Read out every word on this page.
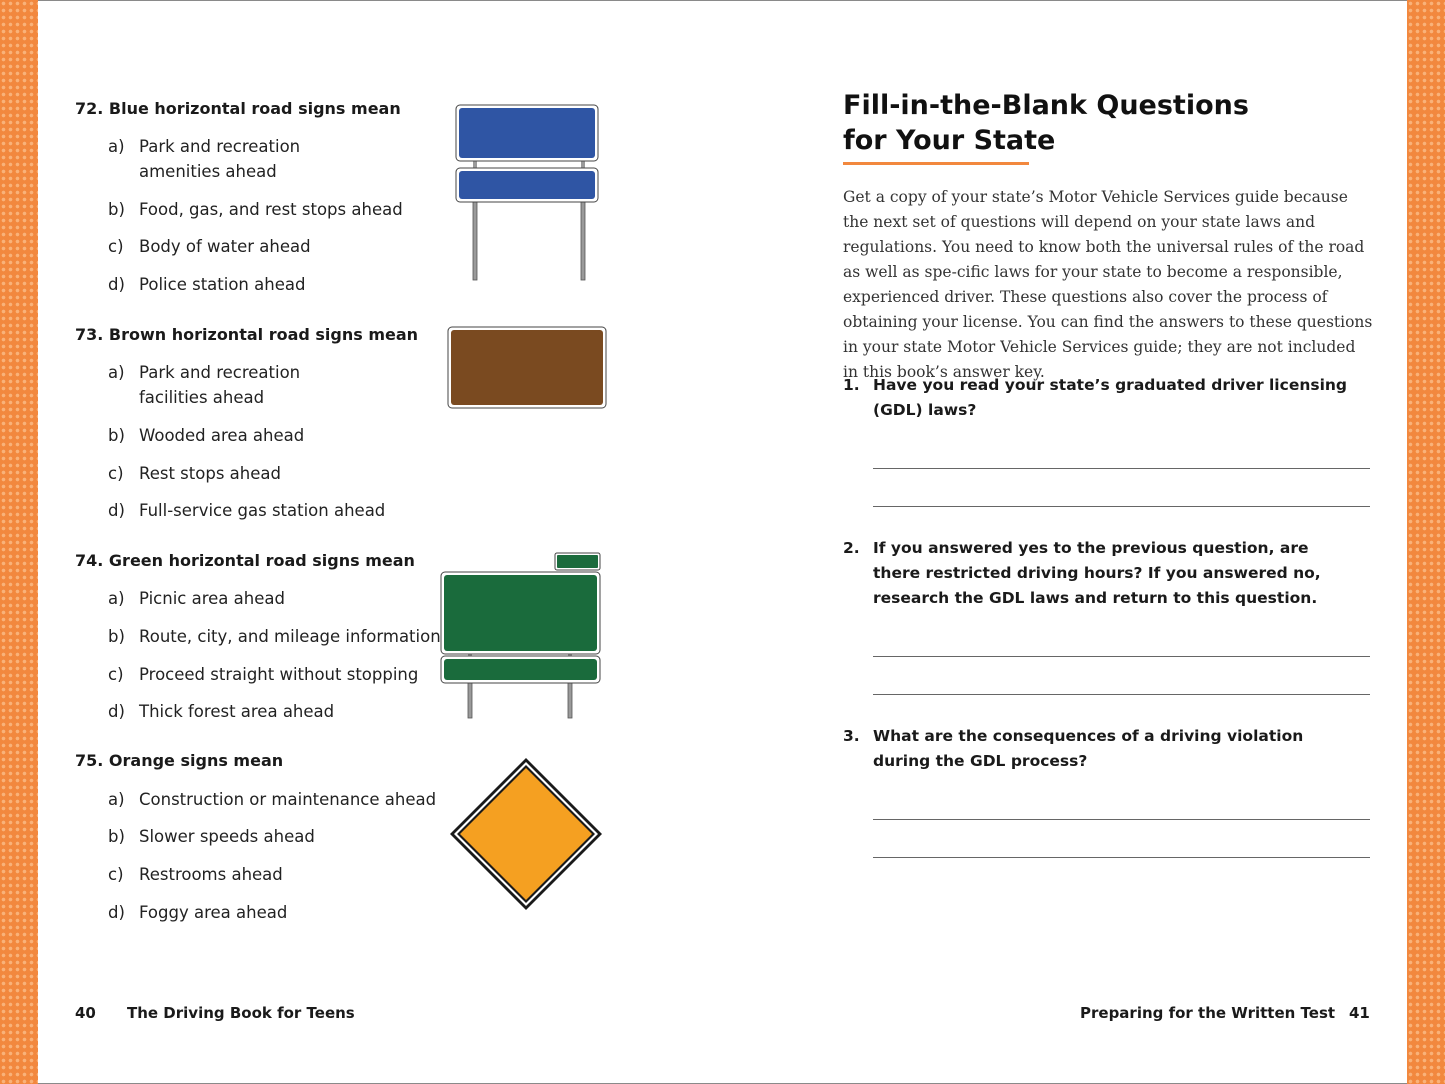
72. Blue horizontal road signs mean
a) Park and recreation
amenities ahead
b) Food, gas, and rest stops ahead
c) Body of water ahead
d) Police station ahead
73. Brown horizontal road signs mean
a) Park and recreation
facilities ahead
b) Wooded area ahead
c) Rest stops ahead
d) Full-service gas station ahead
74. Green horizontal road signs mean
a) Picnic area ahead
b) Route, city, and mileage information
c) Proceed straight without stopping
d) Thick forest area ahead
75. Orange signs mean
a) Construction or maintenance ahead
b) Slower speeds ahead
c) Restrooms ahead
d) Foggy area ahead
40 The Driving Book for Teens
Fill-in-the-Blank Questions
for Your State
Get a copy of your state’s Motor Vehicle Services guide because the next set of questions will depend on your state laws and regulations. You need to know both the universal rules of the road as well as spe-cific laws for your state to become a responsible, experienced driver. These questions also cover the process of obtaining your license. You can find the answers to these questions in your state Motor Vehicle Services guide; they are not included in this book’s answer key.
1. Have you read your state’s graduated driver licensing (GDL) laws?
2. If you answered yes to the previous question, are there restricted driving hours? If you answered no, research the GDL laws and return to this question.
3. What are the consequences of a driving violation during the GDL process?
Preparing for the Written Test 41
